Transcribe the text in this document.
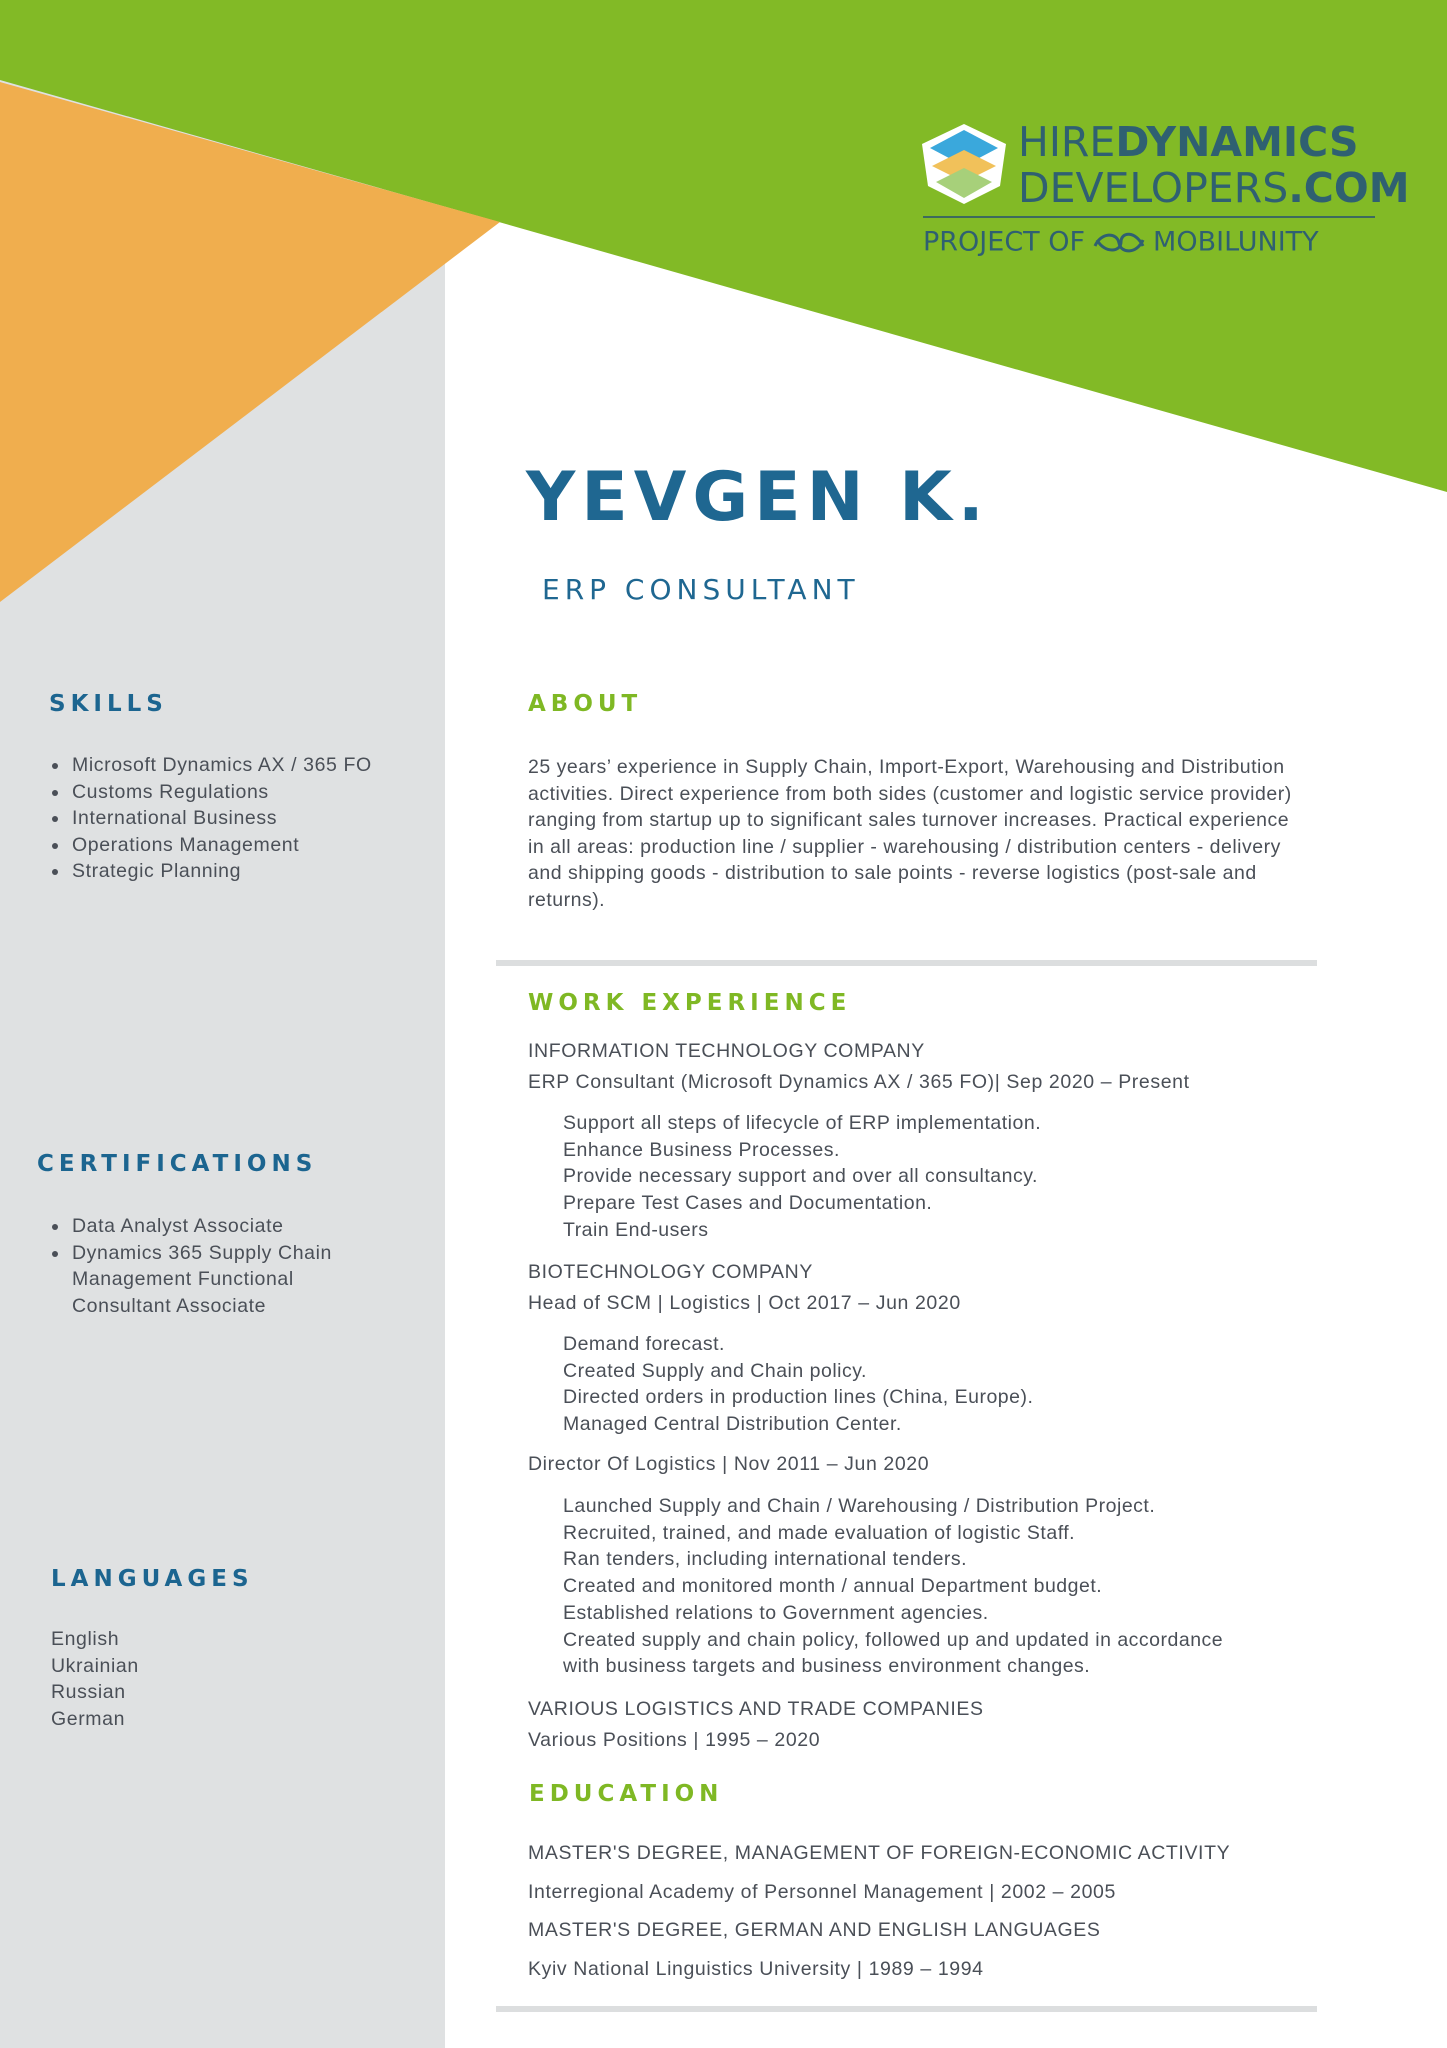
HIREDYNAMICS
DEVELOPERS.COM
PROJECT OF	MOBILUNITY
YEVGEN K.
ERP CONSULTANT
SKILLS
• Microsoft Dynamics AX / 365 FO
• Customs Regulations
• International Business
• Operations Management
• Strategic Planning
CERTIFICATIONS
• Data Analyst Associate
• Dynamics 365 Supply Chain Management Functional Consultant Associate
LANGUAGES
English
Ukrainian
Russian
German
ABOUT
25 years’ experience in Supply Chain, Import-Export, Warehousing and Distribution activities. Direct experience from both sides (customer and logistic service provider) ranging from startup up to significant sales turnover increases. Practical experience in all areas: production line / supplier - warehousing / distribution centers - delivery and shipping goods - distribution to sale points - reverse logistics (post-sale and returns).
WORK EXPERIENCE
INFORMATION TECHNOLOGY COMPANY
ERP Consultant (Microsoft Dynamics AX / 365 FO)| Sep 2020 – Present
Support all steps of lifecycle of ERP implementation.
Enhance Business Processes.
Provide necessary support and over all consultancy.
Prepare Test Cases and Documentation.
Train End-users
BIOTECHNOLOGY COMPANY
Head of SCM | Logistics | Oct 2017 – Jun 2020
Demand forecast.
Created Supply and Chain policy.
Directed orders in production lines (China, Europe).
Managed Central Distribution Center.
Director Of Logistics | Nov 2011 – Jun 2020
Launched Supply and Chain / Warehousing / Distribution Project.
Recruited, trained, and made evaluation of logistic Staff.
Ran tenders, including international tenders.
Created and monitored month / annual Department budget.
Established relations to Government agencies.
Created supply and chain policy, followed up and updated in accordance
with business targets and business environment changes.
VARIOUS LOGISTICS AND TRADE COMPANIES
Various Positions | 1995 – 2020
EDUCATION
MASTER'S DEGREE, MANAGEMENT OF FOREIGN-ECONOMIC ACTIVITY
Interregional Academy of Personnel Management | 2002 – 2005
MASTER'S DEGREE, GERMAN AND ENGLISH LANGUAGES
Kyiv National Linguistics University | 1989 – 1994
